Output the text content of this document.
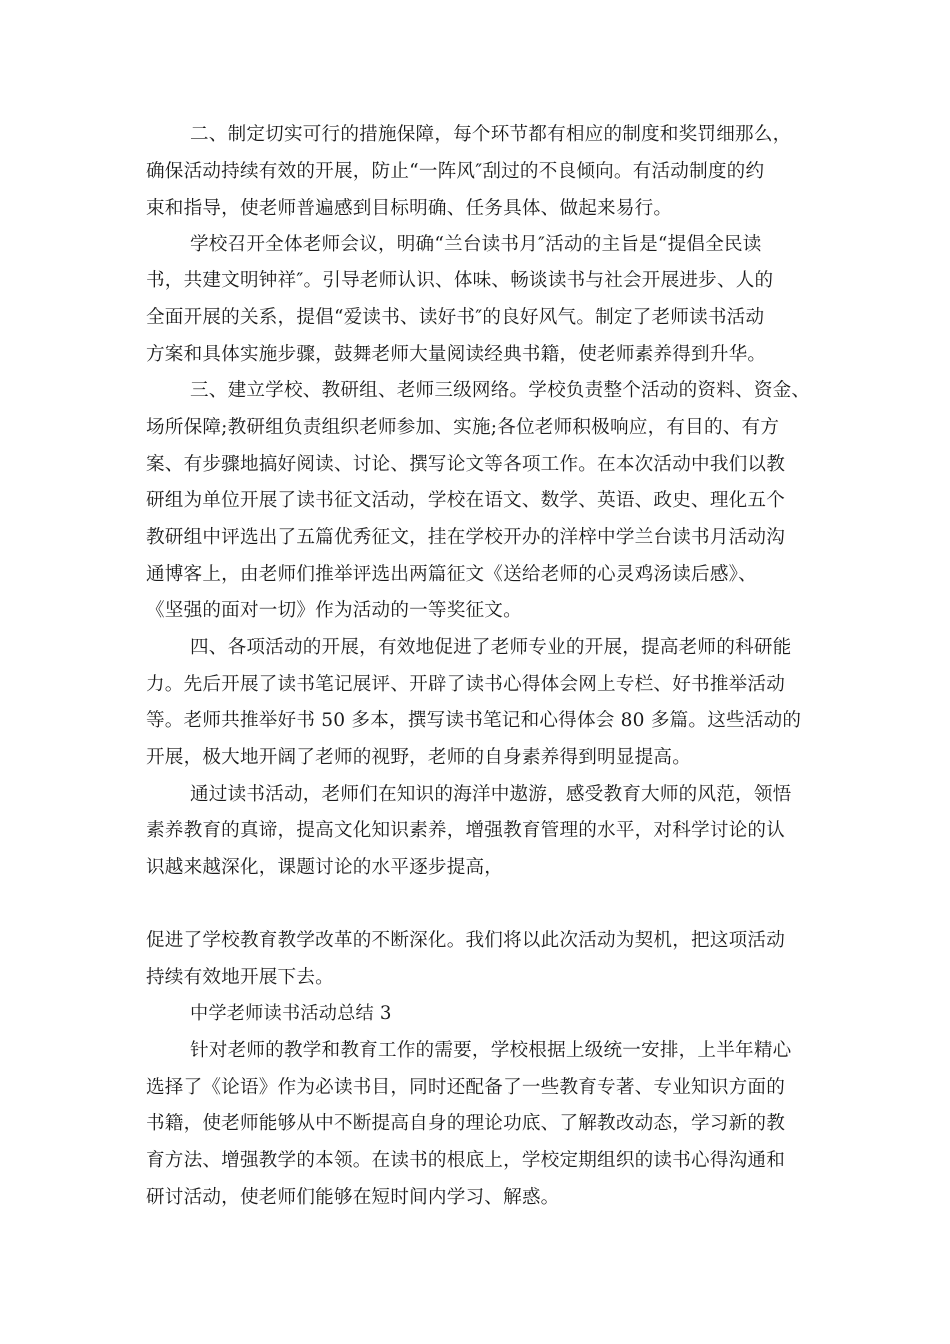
二、制定切实可行的措施保障，每个环节都有相应的制度和奖罚细那么，
确保活动持续有效的开展，防止“一阵风″刮过的不良倾向。有活动制度的约
束和指导，使老师普遍感到目标明确、任务具体、做起来易行。
学校召开全体老师会议，明确“兰台读书月″活动的主旨是“提倡全民读
书，共建文明钟祥″。引导老师认识、体味、畅谈读书与社会开展进步、人的
全面开展的关系，提倡“爱读书、读好书″的良好风气。制定了老师读书活动
方案和具体实施步骤，鼓舞老师大量阅读经典书籍，使老师素养得到升华。
三、建立学校、教研组、老师三级网络。学校负责整个活动的资料、资金、
场所保障;教研组负责组织老师参加、实施;各位老师积极响应，有目的、有方
案、有步骤地搞好阅读、讨论、撰写论文等各项工作。在本次活动中我们以教
研组为单位开展了读书征文活动，学校在语文、数学、英语、政史、理化五个
教研组中评选出了五篇优秀征文，挂在学校开办的洋梓中学兰台读书月活动沟
通博客上，由老师们推举评选出两篇征文《送给老师的心灵鸡汤读后感》、
《坚强的面对一切》作为活动的一等奖征文。
四、各项活动的开展，有效地促进了老师专业的开展，提高老师的科研能
力。先后开展了读书笔记展评、开辟了读书心得体会网上专栏、好书推举活动
等。老师共推举好书 50 多本，撰写读书笔记和心得体会 80 多篇。这些活动的
开展，极大地开阔了老师的视野，老师的自身素养得到明显提高。
通过读书活动，老师们在知识的海洋中遨游，感受教育大师的风范，领悟
素养教育的真谛，提高文化知识素养，增强教育管理的水平，对科学讨论的认
识越来越深化，课题讨论的水平逐步提高，
促进了学校教育教学改革的不断深化。我们将以此次活动为契机，把这项活动
持续有效地开展下去。
中学老师读书活动总结 3
针对老师的教学和教育工作的需要，学校根据上级统一安排，上半年精心
选择了《论语》作为必读书目，同时还配备了一些教育专著、专业知识方面的
书籍，使老师能够从中不断提高自身的理论功底、了解教改动态，学习新的教
育方法、增强教学的本领。在读书的根底上，学校定期组织的读书心得沟通和
研讨活动，使老师们能够在短时间内学习、解惑。
